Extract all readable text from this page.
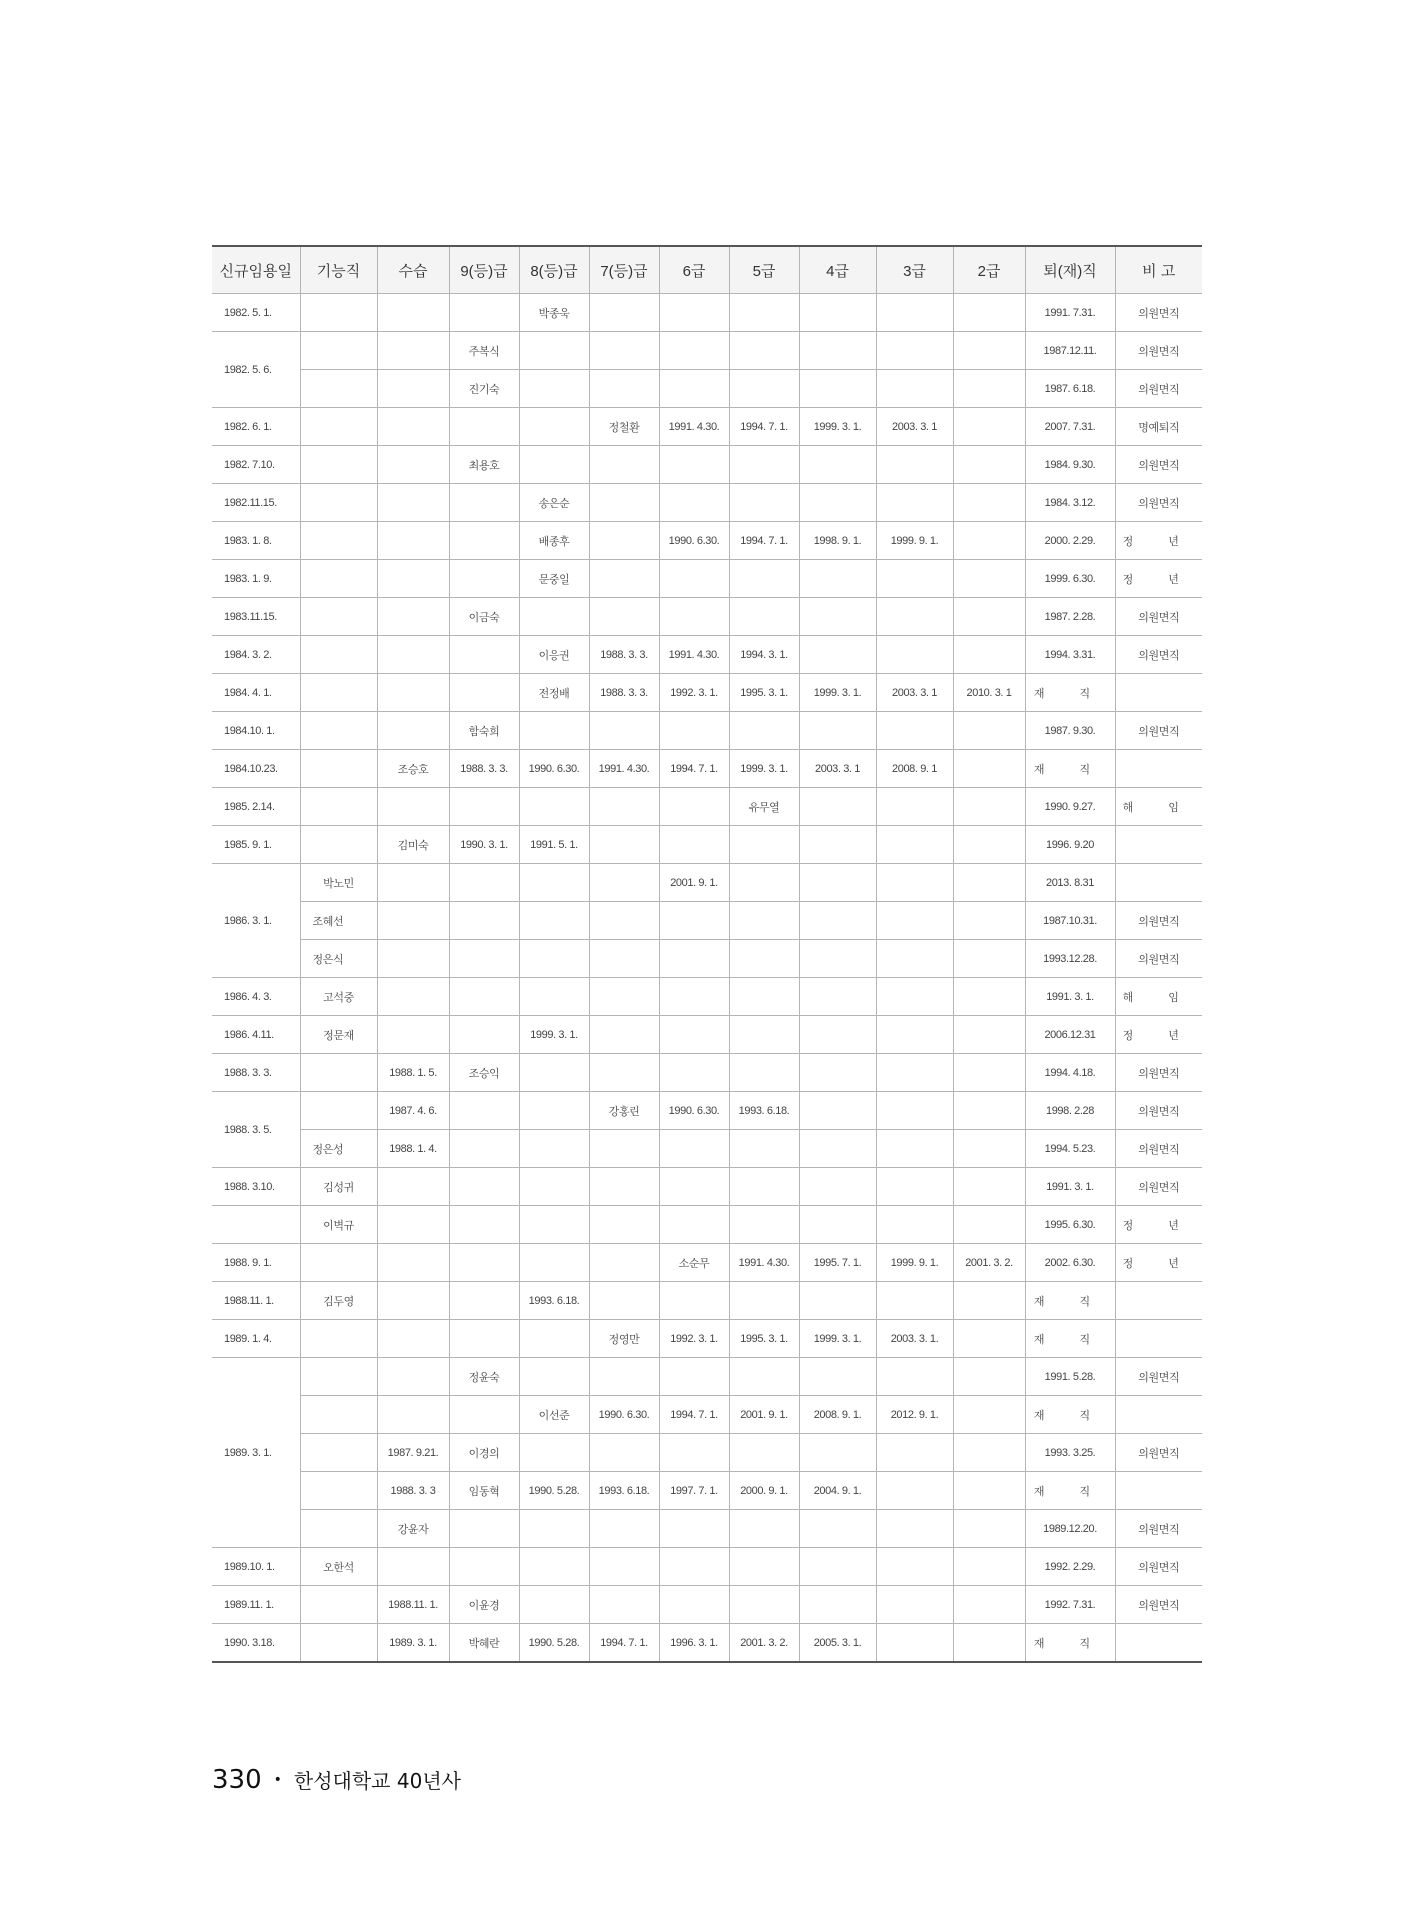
신규임용일	기능직	수습	9(등)급	8(등)급	7(등)급	6급	5급	4급	3급	2급	퇴(재)직	비 고
1982. 5. 1.				박종욱							1991. 7.31.	의원면직
1982. 5. 6.			주복식								1987.12.11.	의원면직
			진기숙								1987. 6.18.	의원면직
1982. 6. 1.					정철환	1991. 4.30.	1994. 7. 1.	1999. 3. 1.	2003. 3. 1		2007. 7.31.	명예퇴직
1982. 7.10.			최용호								1984. 9.30.	의원면직
1982.11.15.				송은순							1984. 3.12.	의원면직
1983. 1. 8.				배종후		1990. 6.30.	1994. 7. 1.	1998. 9. 1.	1999. 9. 1.		2000. 2.29.	정 년
1983. 1. 9.				문중일							1999. 6.30.	정 년
1983.11.15.			이금숙								1987. 2.28.	의원면직
1984. 3. 2.				이응권	1988. 3. 3.	1991. 4.30.	1994. 3. 1.				1994. 3.31.	의원면직
1984. 4. 1.				전정배	1988. 3. 3.	1992. 3. 1.	1995. 3. 1.	1999. 3. 1.	2003. 3. 1	2010. 3. 1	재 직	
1984.10. 1.			함숙희								1987. 9.30.	의원면직
1984.10.23.		조승호	1988. 3. 3.	1990. 6.30.	1991. 4.30.	1994. 7. 1.	1999. 3. 1.	2003. 3. 1	2008. 9. 1		재 직	
1985. 2.14.							유무열				1990. 9.27.	해 임
1985. 9. 1.		김미숙	1990. 3. 1.	1991. 5. 1.							1996. 9.20	
1986. 3. 1.	박노민					2001. 9. 1.					2013. 8.31	
	조혜선										1987.10.31.	의원면직
	정은식										1993.12.28.	의원면직
1986. 4. 3.	고석중										1991. 3. 1.	해 임
1986. 4.11.	정문재			1999. 3. 1.							2006.12.31	정 년
1988. 3. 3.		1988. 1. 5.	조승익								1994. 4.18.	의원면직
1988. 3. 5.		1987. 4. 6.			강홍린	1990. 6.30.	1993. 6.18.				1998. 2.28	의원면직
	정은성	1988. 1. 4.									1994. 5.23.	의원면직
1988. 3.10.	김성귀										1991. 3. 1.	의원면직
	이벽규										1995. 6.30.	정 년
1988. 9. 1.						소순무	1991. 4.30.	1995. 7. 1.	1999. 9. 1.	2001. 3. 2.	2002. 6.30.	정 년
1988.11. 1.	김두영			1993. 6.18.							재 직	
1989. 1. 4.					정영만	1992. 3. 1.	1995. 3. 1.	1999. 3. 1.	2003. 3. 1.		재 직	
1989. 3. 1.			정윤숙								1991. 5.28.	의원면직
				이선준	1990. 6.30.	1994. 7. 1.	2001. 9. 1.	2008. 9. 1.	2012. 9. 1.		재 직	
		1987. 9.21.	이경의								1993. 3.25.	의원면직
		1988. 3. 3	임동혁	1990. 5.28.	1993. 6.18.	1997. 7. 1.	2000. 9. 1.	2004. 9. 1.			재 직	
		강윤자									1989.12.20.	의원면직
1989.10. 1.	오한석										1992. 2.29.	의원면직
1989.11. 1.		1988.11. 1.	이윤경								1992. 7.31.	의원면직
1990. 3.18.		1989. 3. 1.	박혜란	1990. 5.28.	1994. 7. 1.	1996. 3. 1.	2001. 3. 2.	2005. 3. 1.			재 직	
330 • 한성대학교 40년사
